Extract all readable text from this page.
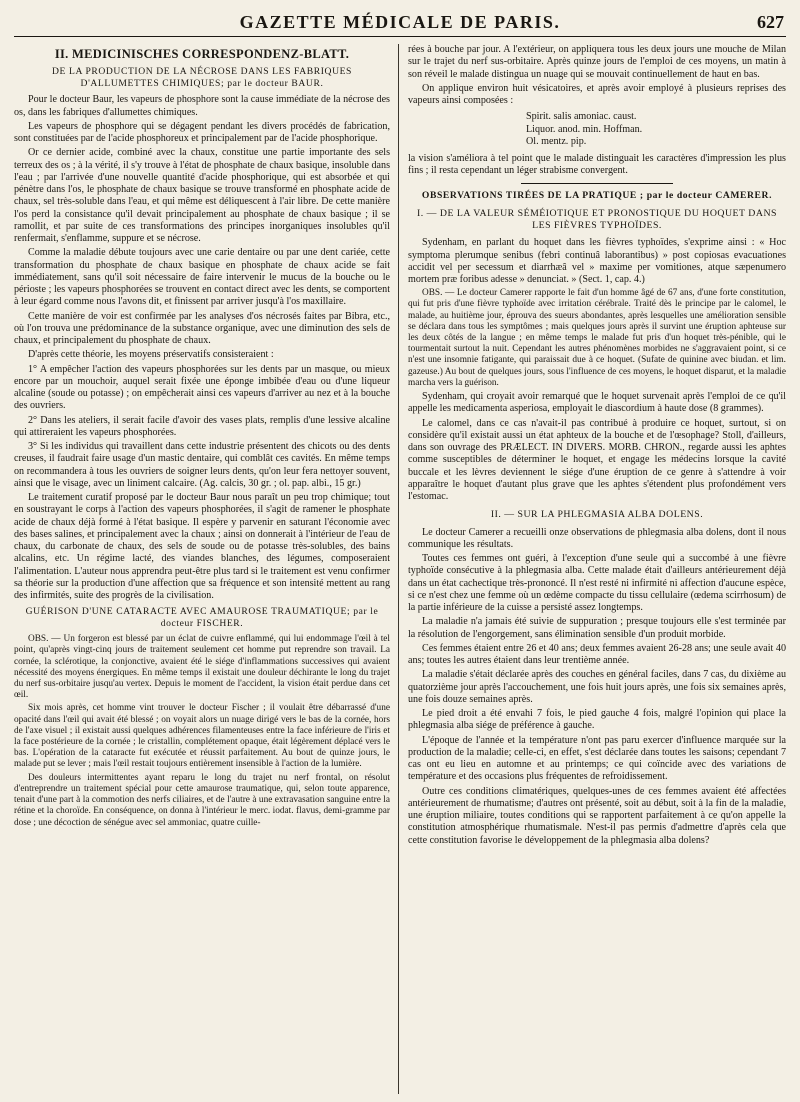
GAZETTE MÉDICALE DE PARIS.	627
II. MEDICINISCHES CORRESPONDENZ-BLATT.
DE LA PRODUCTION DE LA NÉCROSE DANS LES FABRIQUES D'ALLUMETTES CHIMIQUES; par le docteur BAUR.

Pour le docteur Baur, les vapeurs de phosphore sont la cause immédiate de la nécrose des os, dans les fabriques d'allumettes chimiques.

Les vapeurs de phosphore qui se dégagent pendant les divers procédés de fabrication, sont constituées par de l'acide phosphoreux et principalement par de l'acide phosphorique.

Or ce dernier acide, combiné avec la chaux, constitue une partie importante des sels terreux des os ; à la vérité, il s'y trouve à l'état de phosphate de chaux basique, insoluble dans l'eau ; par l'arrivée d'une nouvelle quantité d'acide phosphorique, qui est absorbée et qui pénètre dans l'os, le phosphate de chaux basique se trouve transformé en phosphate acide de chaux, sel très-soluble dans l'eau, et qui même est déliquescent à l'air libre. De cette manière l'os perd la consistance qu'il devait principalement au phosphate de chaux basique ; il se ramollit, et par suite de ces transformations des principes inorganiques insolubles qu'il renfermait, s'enflamme, suppure et se nécrose.

Comme la maladie débute toujours avec une carie dentaire ou par une dent cariée, cette transformation du phosphate de chaux basique en phosphate de chaux acide se fait immédiatement, sans qu'il soit nécessaire de faire intervenir le mucus de la bouche ou le périoste ; les vapeurs phosphorées se trouvent en contact direct avec les dents, se comportent à leur égard comme nous l'avons dit, et finissent par arriver jusqu'à l'os maxillaire.

Cette manière de voir est confirmée par les analyses d'os nécrosés faites par Bibra, etc., où l'on trouva une prédominance de la substance organique, avec une diminution des sels de chaux, et principalement du phosphate de chaux.

D'après cette théorie, les moyens préservatifs consisteraient :

1° A empêcher l'action des vapeurs phosphorées sur les dents par un masque, ou mieux encore par un mouchoir, auquel serait fixée une éponge imbibée d'eau ou d'une liqueur alcaline (soude ou potasse) ; on empêcherait ainsi ces vapeurs d'arriver au nez et à la bouche des ouvriers.

2° Dans les ateliers, il serait facile d'avoir des vases plats, remplis d'une lessive alcaline qui attireraient les vapeurs phosphorées.

3° Si les individus qui travaillent dans cette industrie présentent des chicots ou des dents creuses, il faudrait faire usage d'un mastic dentaire, qui comblât ces cavités. En même temps on recommandera à tous les ouvriers de soigner leurs dents, qu'on leur fera nettoyer souvent, ainsi que le visage, avec un liniment calcaire. (Ag. calcis, 30 gr. ; ol. pap. albi., 15 gr.)

Le traitement curatif proposé par le docteur Baur nous paraît un peu trop chimique; tout en soustrayant le corps à l'action des vapeurs phosphorées, il s'agit de ramener le phosphate acide de chaux déjà formé à l'état basique. Il espère y parvenir en saturant l'économie avec des bases salines, et principalement avec la chaux ; ainsi on donnerait à l'intérieur de l'eau de chaux, du carbonate de chaux, des sels de soude ou de potasse très-solubles, des bains alcalins, etc. Un régime lacté, des viandes blanches, des légumes, composeraient l'alimentation. L'auteur nous apprendra peut-être plus tard si le traitement est venu confirmer sa théorie sur la production d'une affection que sa fréquence et son intensité mettent au rang des infirmités, suite des progrès de la civilisation.

GUÉRISON D'UNE CATARACTE AVEC AMAUROSE TRAUMATIQUE; par le docteur FISCHER.

OBS. — Un forgeron est blessé par un éclat de cuivre enflammé, qui lui endommage l'œil à tel point, qu'après vingt-cinq jours de traitement seulement cet homme put reprendre son travail. La cornée, la sclérotique, la conjonctive, avaient été le siége d'inflammations successives qui avaient nécessité des moyens énergiques. En même temps il existait une douleur déchirante le long du trajet du nerf sus-orbitaire jusqu'au vertex. Depuis le moment de l'accident, la vision était perdue dans cet œil.

Six mois après, cet homme vint trouver le docteur Fischer ; il voulait être débarrassé d'une opacité dans l'œil qui avait été blessé ; on voyait alors un nuage dirigé vers le bas de la cornée, hors de l'axe visuel ; il existait aussi quelques adhérences filamenteuses entre la face inférieure de l'iris et la face postérieure de la cornée ; le cristallin, complétement opaque, était légèrement déplacé vers le bas. L'opération de la cataracte fut exécutée et réussit parfaitement. Au bout de quinze jours, le malade put se lever ; mais l'œil restait toujours entièrement insensible à l'action de la lumière.

Des douleurs intermittentes ayant reparu le long du trajet nu nerf frontal, on résolut d'entreprendre un traitement spécial pour cette amaurose traumatique, qui, selon toute apparence, tenait d'une part à la commotion des nerfs ciliaires, et de l'autre à une extravasation sanguine entre la rétine et la choroïde. En conséquence, on donna à l'intérieur le merc. iodat. flavus, demi-gramme par dose ; une décoction de sénégue avec sel ammoniac, quatre cuille-

rées à bouche par jour. A l'extérieur, on appliquera tous les deux jours une mouche de Milan sur le trajet du nerf sus-orbitaire. Après quinze jours de l'emploi de ces moyens, un matin à son réveil le malade distingua un nuage qui se mouvait continuellement de haut en bas.

On applique environ huit vésicatoires, et après avoir employé à plusieurs reprises des vapeurs ainsi composées :

Spirit. salis amoniac. caust.
Liquor. anod. min. Hoffman.
Ol. mentz. pip.

la vision s'améliora à tel point que le malade distinguait les caractères d'impression les plus fins ; il resta cependant un léger strabisme convergent.

OBSERVATIONS TIRÉES DE LA PRATIQUE ; par le docteur CAMERER.
I. — DE LA VALEUR SÉMÉIOTIQUE ET PRONOSTIQUE DU HOQUET DANS LES FIÈVRES TYPHOÏDES.

Sydenham, en parlant du hoquet dans les fièvres typhoïdes, s'exprime ainsi : « Hoc symptoma plerumque senibus (febri continuâ laborantibus) » post copiosas evacuationes accidit vel per secessum et diarrhæâ vel » maxime per vomitiones, atque sæpenumero mortem præ foribus adesse » denunciat. » (Sect. 1, cap. 4.)

OBS. — Le docteur Camerer rapporte le fait d'un homme âgé de 67 ans, d'une forte constitution, qui fut pris d'une fièvre typhoïde avec irritation cérébrale. Traité dès le principe par le calomel, le malade, au huitième jour, éprouva des sueurs abondantes, après lesquelles une amélioration sensible se déclara dans tous les symptômes ; mais quelques jours après il survint une éruption aphteuse sur les deux côtés de la langue ; en même temps le malade fut pris d'un hoquet très-pénible, qui le tourmentait surtout la nuit. Cependant les autres phénomènes morbides ne s'aggravaient point, si ce n'est une insomnie fatigante, qui paraissait due à ce hoquet. (Sufate de quinine avec biudan. et lim. gazeuse.) Au bout de quelques jours, sous l'influence de ces moyens, le hoquet disparut, et la maladie marcha vers la guérison.

Sydenham, qui croyait avoir remarqué que le hoquet survenait après l'emploi de ce qu'il appelle les medicamenta asperiosa, employait le diascordium à haute dose (8 grammes).

Le calomel, dans ce cas n'avait-il pas contribué à produire ce hoquet, surtout, si on considère qu'il existait aussi un état aphteux de la bouche et de l'œsophage? Stoll, d'ailleurs, dans son ouvrage des PRÆLECT. IN DIVERS. MORB. CHRON., regarde aussi les aphtes comme susceptibles de déterminer le hoquet, et engage les médecins lorsque la cavité buccale et les lèvres deviennent le siége d'une éruption de ce genre à s'attendre à voir apparaître le hoquet d'autant plus grave que les aphtes s'étendent plus profondément vers l'estomac.

II. — SUR LA PHLEGMASIA ALBA DOLENS.

Le docteur Camerer a recueilli onze observations de phlegmasia alba dolens, dont il nous communique les résultats.

Toutes ces femmes ont guéri, à l'exception d'une seule qui a succombé à une fièvre typhoïde consécutive à la phlegmasia alba. Cette malade était d'ailleurs antérieurement déjà dans un état cachectique très-prononcé. Il n'est resté ni infirmité ni affection d'aucune espèce, si ce n'est chez une femme où un œdème compacte du tissu cellulaire (œdema scirrhosum) de la partie inférieure de la cuisse a persisté assez longtemps.

La maladie n'a jamais été suivie de suppuration ; presque toujours elle s'est terminée par la résolution de l'engorgement, sans élimination sensible d'un produit morbide.

Ces femmes étaient entre 26 et 40 ans; deux femmes avaient 26-28 ans; une seule avait 40 ans; toutes les autres étaient dans leur trentième année.

La maladie s'était déclarée après des couches en général faciles, dans 7 cas, du dixième au quatorzième jour après l'accouchement, une fois huit jours après, une fois six semaines après, une fois douze semaines après.

Le pied droit a été envahi 7 fois, le pied gauche 4 fois, malgré l'opinion qui place la phlegmasia alba siége de préférence à gauche.

L'époque de l'année et la température n'ont pas paru exercer d'influence marquée sur la production de la maladie; celle-ci, en effet, s'est déclarée dans toutes les saisons; cependant 7 cas ont eu lieu en automne et au printemps; ce qui coïncide avec des variations de température et des occasions plus fréquentes de refroidissement.

Outre ces conditions climatériques, quelques-unes de ces femmes avaient été affectées antérieurement de rhumatisme; d'autres ont présenté, soit au début, soit à la fin de la maladie, une éruption miliaire, toutes conditions qui se rapportent parfaitement à ce qu'on appelle la constitution atmosphérique rhumatismale. N'est-il pas permis d'admettre d'après cela que cette constitution favorise le développement de la phlegmasia alba dolens?
